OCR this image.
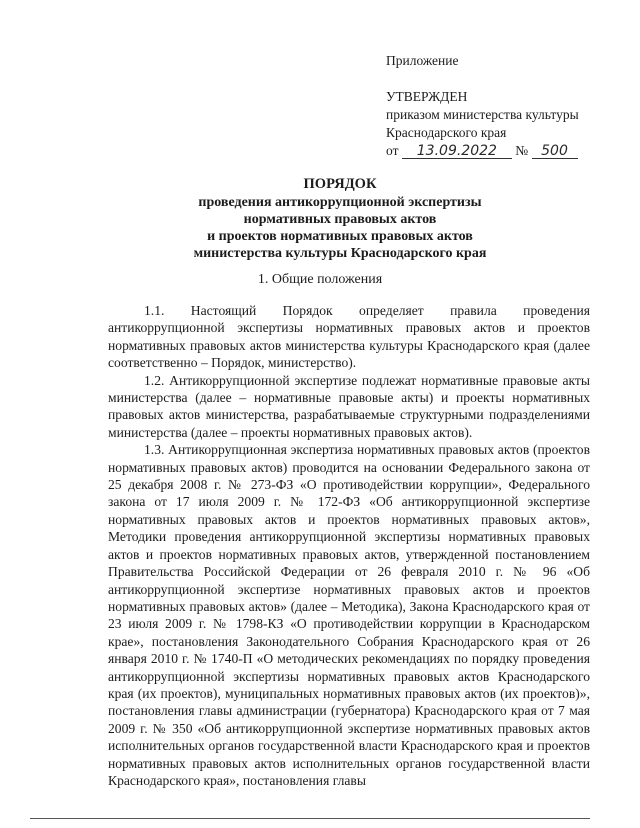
Приложение
УТВЕРЖДЕН
приказом министерства культуры
Краснодарского края
от 13.09.2022 № 500
ПОРЯДОК
проведения антикоррупционной экспертизы
нормативных правовых актов
и проектов нормативных правовых актов
министерства культуры Краснодарского края
1. Общие положения

1.1. Настоящий Порядок определяет правила проведения антикоррупционной экспертизы нормативных правовых актов и проектов нормативных правовых актов министерства культуры Краснодарского края (далее соответственно – Порядок, министерство).

1.2. Антикоррупционной экспертизе подлежат нормативные правовые акты министерства (далее – нормативные правовые акты) и проекты нормативных правовых актов министерства, разрабатываемые структурными подразделениями министерства (далее – проекты нормативных правовых актов).

1.3. Антикоррупционная экспертиза нормативных правовых актов (проектов нормативных правовых актов) проводится на основании Федерального закона от 25 декабря 2008 г. № 273-ФЗ «О противодействии коррупции», Федерального закона от 17 июля 2009 г. № 172-ФЗ «Об антикоррупционной экспертизе нормативных правовых актов и проектов нормативных правовых актов», Методики проведения антикоррупционной экспертизы нормативных правовых актов и проектов нормативных правовых актов, утвержденной постановлением Правительства Российской Федерации от 26 февраля 2010 г. № 96 «Об антикоррупционной экспертизе нормативных правовых актов и проектов нормативных правовых актов» (далее – Методика), Закона Краснодарского края от 23 июля 2009 г. № 1798-КЗ «О противодействии коррупции в Краснодарском крае», постановления Законодательного Собрания Краснодарского края от 26 января 2010 г. № 1740-П «О методических рекомендациях по порядку проведения антикоррупционной экспертизы нормативных правовых актов Краснодарского края (их проектов), муниципальных нормативных правовых актов (их проектов)», постановления главы администрации (губернатора) Краснодарского края от 7 мая 2009 г. № 350 «Об антикоррупционной экспертизе нормативных правовых актов исполнительных органов государственной власти Краснодарского края и проектов нормативных правовых актов исполнительных органов государственной власти Краснодарского края», постановления главы
